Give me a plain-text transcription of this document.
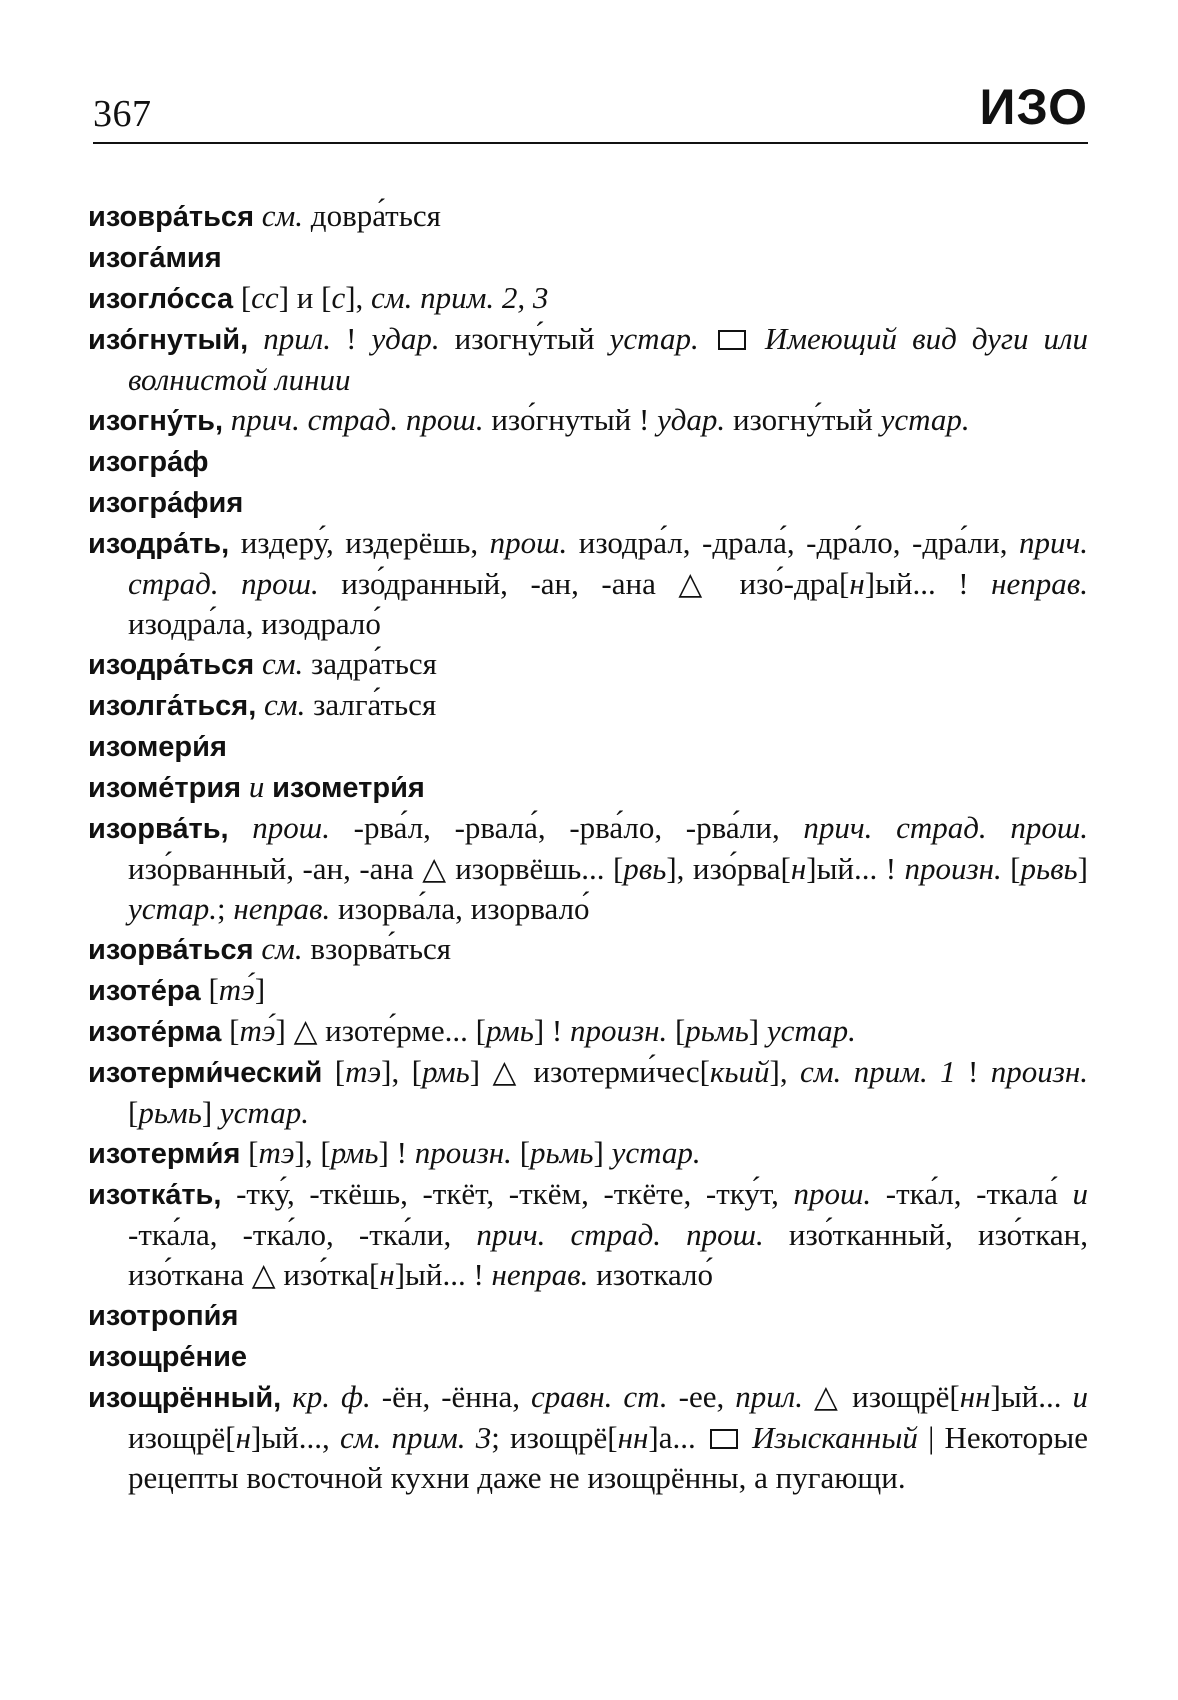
367	ИЗО
изовра́ться см. довра́ться
изога́мия
изогло́сса [сс] и [с], см. прим. 2, 3
изо́гнутый, прил. ! удар. изогну́тый устар. Имеющий вид дуги или волнистой линии
изогну́ть, прич. страд. прош. изо́гнутый ! удар. изогну́тый устар.
изогра́ф
изогра́фия
изодра́ть, издеру́, издерёшь, прош. изодра́л, -драла́, -дра́ло, -дра́ли, прич. страд. прош. изо́дранный, -ан, -ана △ изо́-дра[н]ый... ! неправ. изодра́ла, изодрало́
изодра́ться см. задра́ться
изолга́ться, см. залга́ться
изомери́я
изоме́трия и изометри́я
изорва́ть, прош. -рва́л, -рвала́, -рва́ло, -рва́ли, прич. страд. прош. изо́рванный, -ан, -ана △ изорвёшь... [рвь], изо́рва[н]ый... ! произн. [рьвь] устар.; неправ. изорва́ла, изорвало́
изорва́ться см. взорва́ться
изоте́ра [тэ́]
изоте́рма [тэ́] △ изоте́рме... [рмь] ! произн. [рьмь] устар.
изотерми́ческий [тэ], [рмь] △ изотерми́чес[кьий], см. прим. 1 ! произн. [рьмь] устар.
изотерми́я [тэ], [рмь] ! произн. [рьмь] устар.
изотка́ть, -тку́, -ткёшь, -ткёт, -ткём, -ткёте, -тку́т, прош. -тка́л, -ткала́ и -тка́ла, -тка́ло, -тка́ли, прич. страд. прош. изо́тканный, изо́ткан, изо́ткана △ изо́тка[н]ый... ! неправ. изоткало́
изотропи́я
изощре́ние
изощрённый, кр. ф. -ён, -ённа, сравн. ст. -ее, прил. △ изощрё[нн]ый... и изощрё[н]ый..., см. прим. 3; изощрё[нн]а...  Изысканный | Некоторые рецепты восточной кухни даже не изощрённы, а пугающи.
